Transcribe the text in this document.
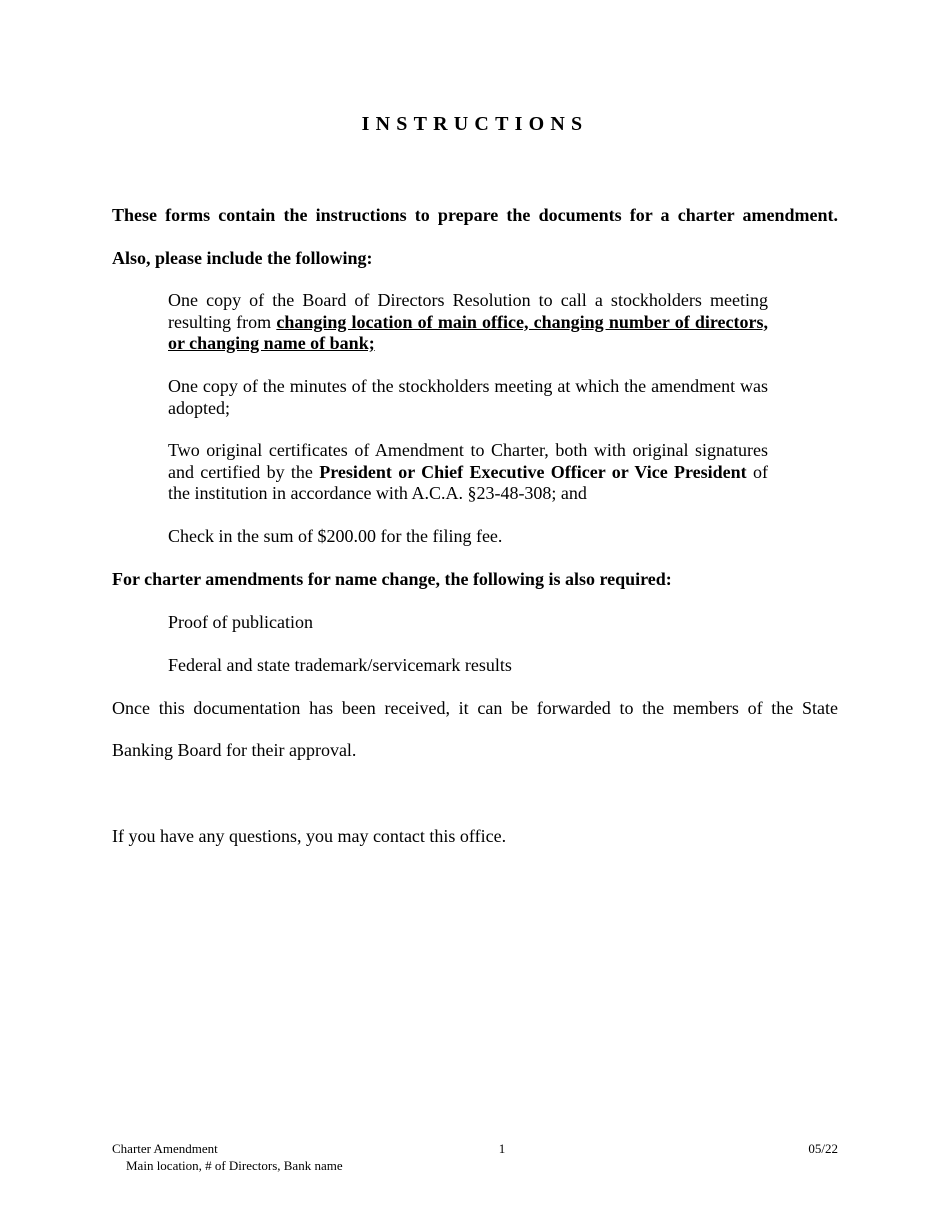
INSTRUCTIONS

These forms contain the instructions to prepare the documents for a charter amendment.

Also, please include the following:

One copy of the Board of Directors Resolution to call a stockholders meeting resulting from changing location of main office, changing number of directors, or changing name of bank;

One copy of the minutes of the stockholders meeting at which the amendment was adopted;

Two original certificates of Amendment to Charter, both with original signatures and certified by the President or Chief Executive Officer or Vice President of the institution in accordance with A.C.A. §23-48-308; and

Check in the sum of $200.00 for the filing fee.

For charter amendments for name change, the following is also required:

Proof of publication

Federal and state trademark/servicemark results

Once this documentation has been received, it can be forwarded to the members of the State

Banking Board for their approval.

If you have any questions, you may contact this office.

Charter Amendment

Main location, # of Directors, Bank name

1	05/22
